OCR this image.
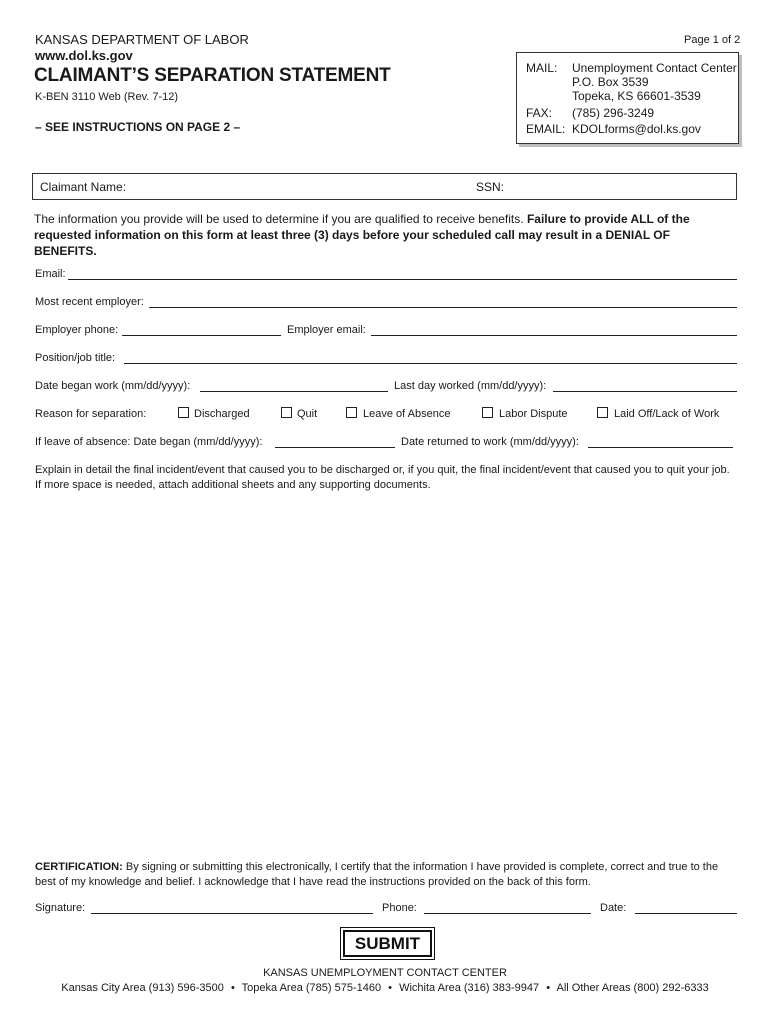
KANSAS DEPARTMENT OF LABOR
www.dol.ks.gov
Page 1 of 2
CLAIMANT’S SEPARATION STATEMENT
K-BEN 3110 Web (Rev. 7-12)
– SEE INSTRUCTIONS ON PAGE 2 –
MAIL: Unemployment Contact Center
P.O. Box 3539
Topeka, KS 66601-3539
FAX: (785) 296-3249
EMAIL: KDOLforms@dol.ks.gov
Claimant Name:	SSN:
The information you provide will be used to determine if you are qualified to receive benefits. Failure to provide ALL of the requested information on this form at least three (3) days before your scheduled call may result in a DENIAL OF BENEFITS.
Email:
Most recent employer:
Employer phone:	Employer email:
Position/job title:
Date began work (mm/dd/yyyy):	Last day worked (mm/dd/yyyy):
Reason for separation:	Discharged	Quit	Leave of Absence	Labor Dispute	Laid Off/Lack of Work
If leave of absence: Date began (mm/dd/yyyy):	Date returned to work (mm/dd/yyyy):
Explain in detail the final incident/event that caused you to be discharged or, if you quit, the final incident/event that caused you to quit your job. If more space is needed, attach additional sheets and any supporting documents.
CERTIFICATION: By signing or submitting this electronically, I certify that the information I have provided is complete, correct and true to the best of my knowledge and belief. I acknowledge that I have read the instructions provided on the back of this form.
Signature:	Phone:	Date:
SUBMIT
KANSAS UNEMPLOYMENT CONTACT CENTER
Kansas City Area (913) 596-3500 • Topeka Area (785) 575-1460 • Wichita Area (316) 383-9947 • All Other Areas (800) 292-6333
